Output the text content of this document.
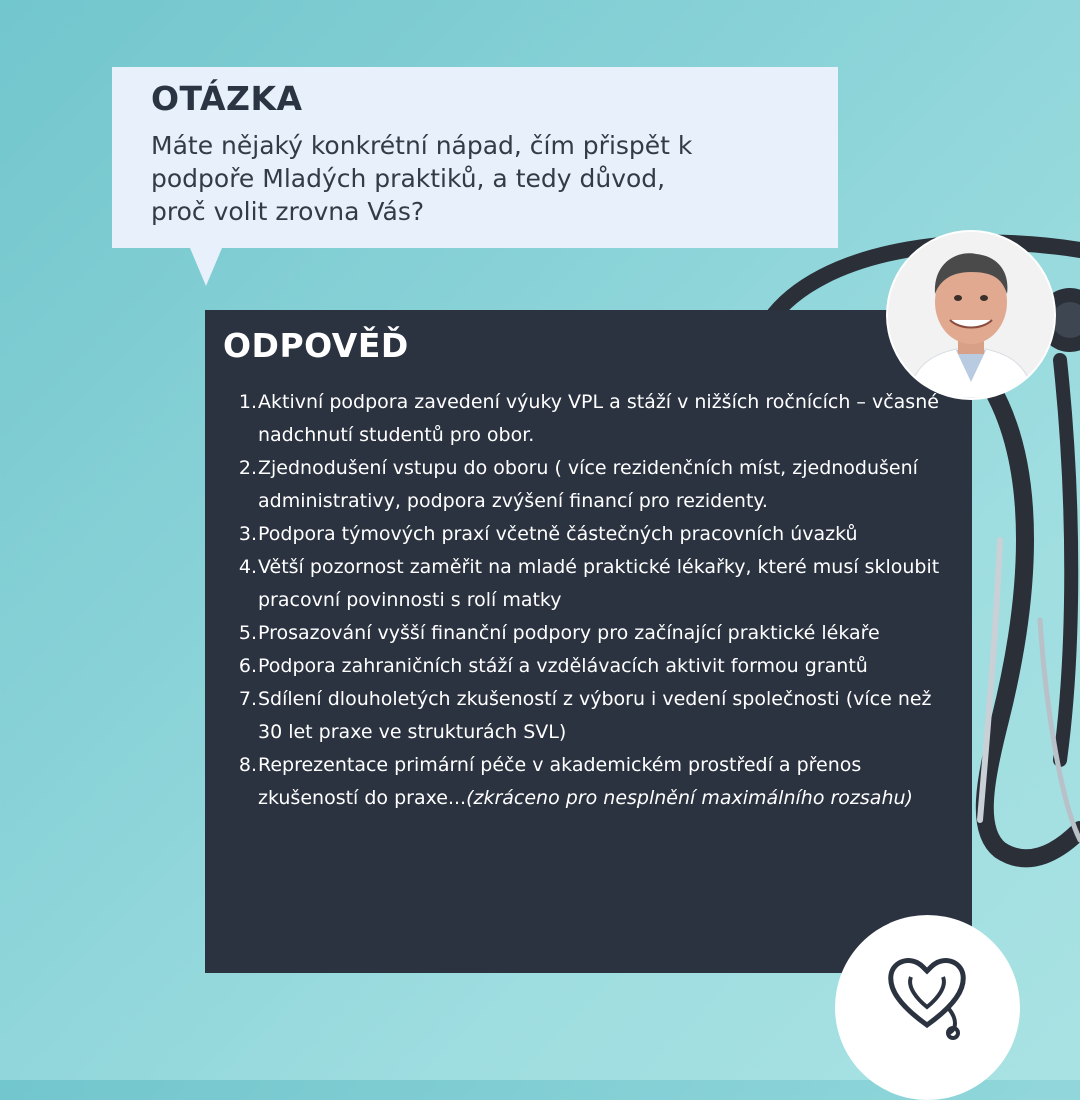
OTÁZKA

Máte nějaký konkrétní nápad, čím přispět k
podpoře Mladých praktiků, a tedy důvod,
proč volit zrovna Vás?

ODPOVĚĎ
1. Aktivní podpora zavedení výuky VPL a stáží v nižších ročnících – včasné nadchnutí studentů pro obor.
2. Zjednodušení vstupu do oboru ( více rezidenčních míst, zjednodušení administrativy, podpora zvýšení financí pro rezidenty.
3. Podpora týmových praxí včetně částečných pracovních úvazků
4. Větší pozornost zaměřit na mladé praktické lékařky, které musí skloubit pracovní povinnosti s rolí matky
5. Prosazování vyšší finanční podpory pro začínající praktické lékaře
6. Podpora zahraničních stáží a vzdělávacích aktivit formou grantů
7. Sdílení dlouholetých zkušeností z výboru i vedení společnosti (více než 30 let praxe ve strukturách SVL)
8. Reprezentace primární péče v akademickém prostředí a přenos zkušeností do praxe...(zkráceno pro nesplnění maximálního rozsahu)
